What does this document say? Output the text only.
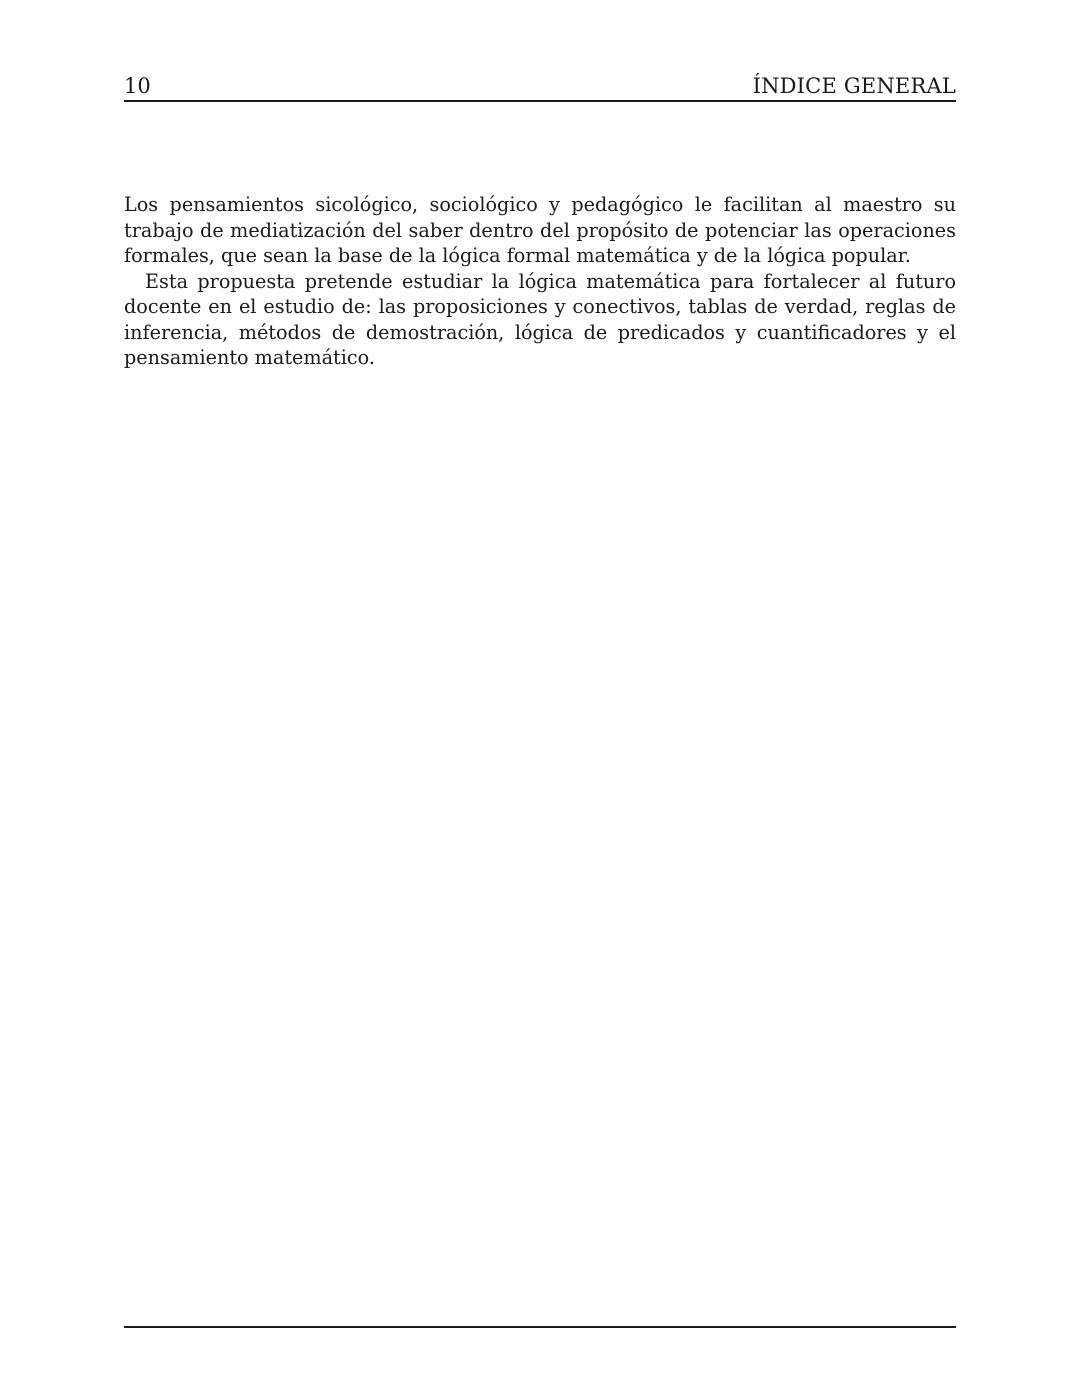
10	ÍNDICE GENERAL

Los pensamientos sicológico, sociológico y pedagógico le facilitan al maestro su trabajo de mediatización del saber dentro del propósito de potenciar las operaciones formales, que sean la base de la lógica formal matemática y de la lógica popular.

Esta propuesta pretende estudiar la lógica matemática para fortalecer al futuro docente en el estudio de: las proposiciones y conectivos, tablas de verdad, reglas de inferencia, métodos de demostración, lógica de predicados y cuantificadores y el pensamiento matemático.
